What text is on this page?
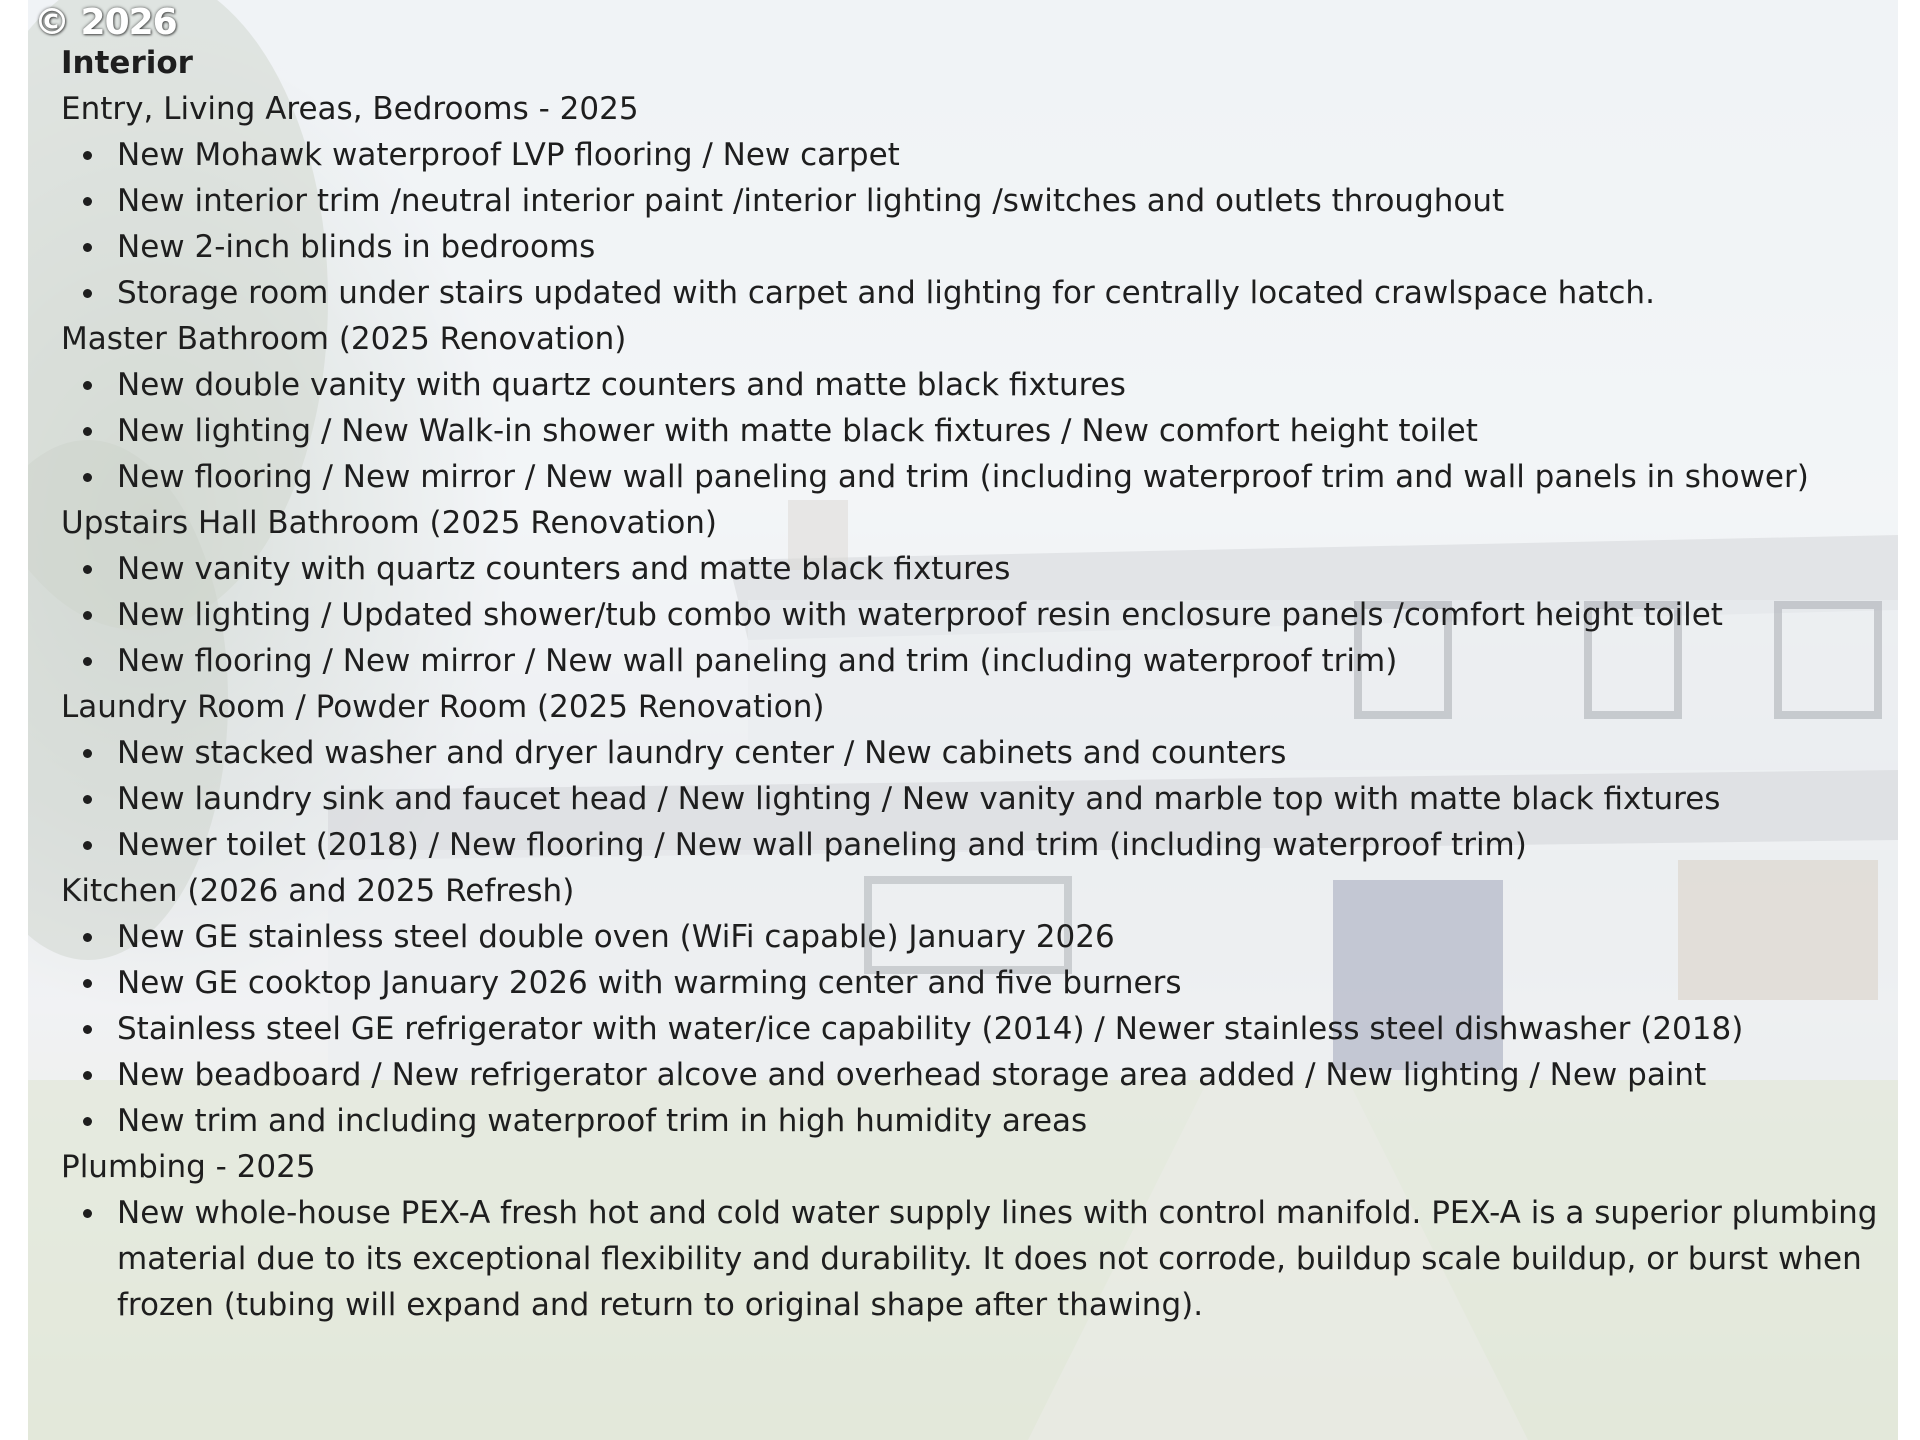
© 2026
Interior
Entry, Living Areas, Bedrooms - 2025
New Mohawk waterproof LVP flooring / New carpet
New interior trim /neutral interior paint /interior lighting /switches and outlets throughout
New 2-inch blinds in bedrooms
Storage room under stairs updated with carpet and lighting for centrally located crawlspace hatch.
Master Bathroom (2025 Renovation)
New double vanity with quartz counters and matte black fixtures
New lighting / New Walk-in shower with matte black fixtures / New comfort height toilet
New flooring / New mirror / New wall paneling and trim (including waterproof trim and wall panels in shower)
Upstairs Hall Bathroom (2025 Renovation)
New vanity with quartz counters and matte black fixtures
New lighting / Updated shower/tub combo with waterproof resin enclosure panels /comfort height toilet
New flooring / New mirror / New wall paneling and trim (including waterproof trim)
Laundry Room / Powder Room (2025 Renovation)
New stacked washer and dryer laundry center / New cabinets and counters
New laundry sink and faucet head / New lighting / New vanity and marble top with matte black fixtures
Newer toilet (2018) / New flooring / New wall paneling and trim (including waterproof trim)
Kitchen (2026 and 2025 Refresh)
New GE stainless steel double oven (WiFi capable) January 2026
New GE cooktop January 2026 with warming center and five burners
Stainless steel GE refrigerator with water/ice capability (2014) / Newer stainless steel dishwasher (2018)
New beadboard / New refrigerator alcove and overhead storage area added / New lighting / New paint
New trim and including waterproof trim in high humidity areas
Plumbing - 2025
New whole-house PEX-A fresh hot and cold water supply lines with control manifold. PEX-A is a superior plumbing material due to its exceptional flexibility and durability. It does not corrode, buildup scale buildup, or burst when frozen (tubing will expand and return to original shape after thawing).
